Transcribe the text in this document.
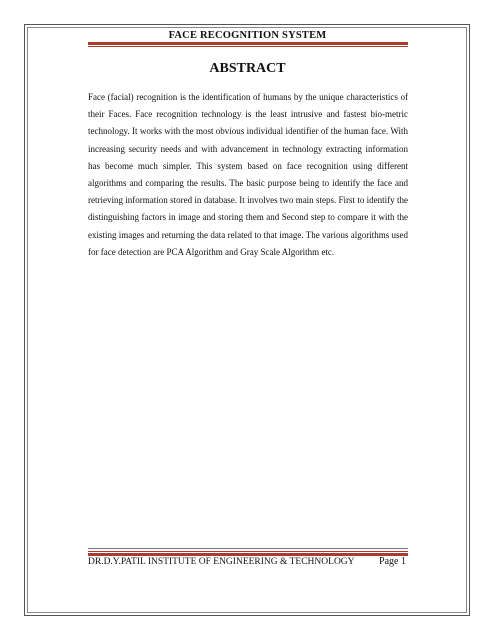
FACE RECOGNITION SYSTEM
ABSTRACT

Face (facial) recognition is the identification of humans by the unique characteristics of their Faces. Face recognition technology is the least intrusive and fastest bio-metric technology. It works with the most obvious individual identifier of the human face. With increasing security needs and with advancement in technology extracting information has become much simpler. This system based on face recognition using different algorithms and comparing the results. The basic purpose being to identify the face and retrieving information stored in database. It involves two main steps. First to identify the distinguishing factors in image and storing them and Second step to compare it with the existing images and returning the data related to that image. The various algorithms used for face detection are PCA Algorithm and Gray Scale Algorithm etc.

DR.D.Y.PATIL INSTITUTE OF ENGINEERING & TECHNOLOGY Page 1
